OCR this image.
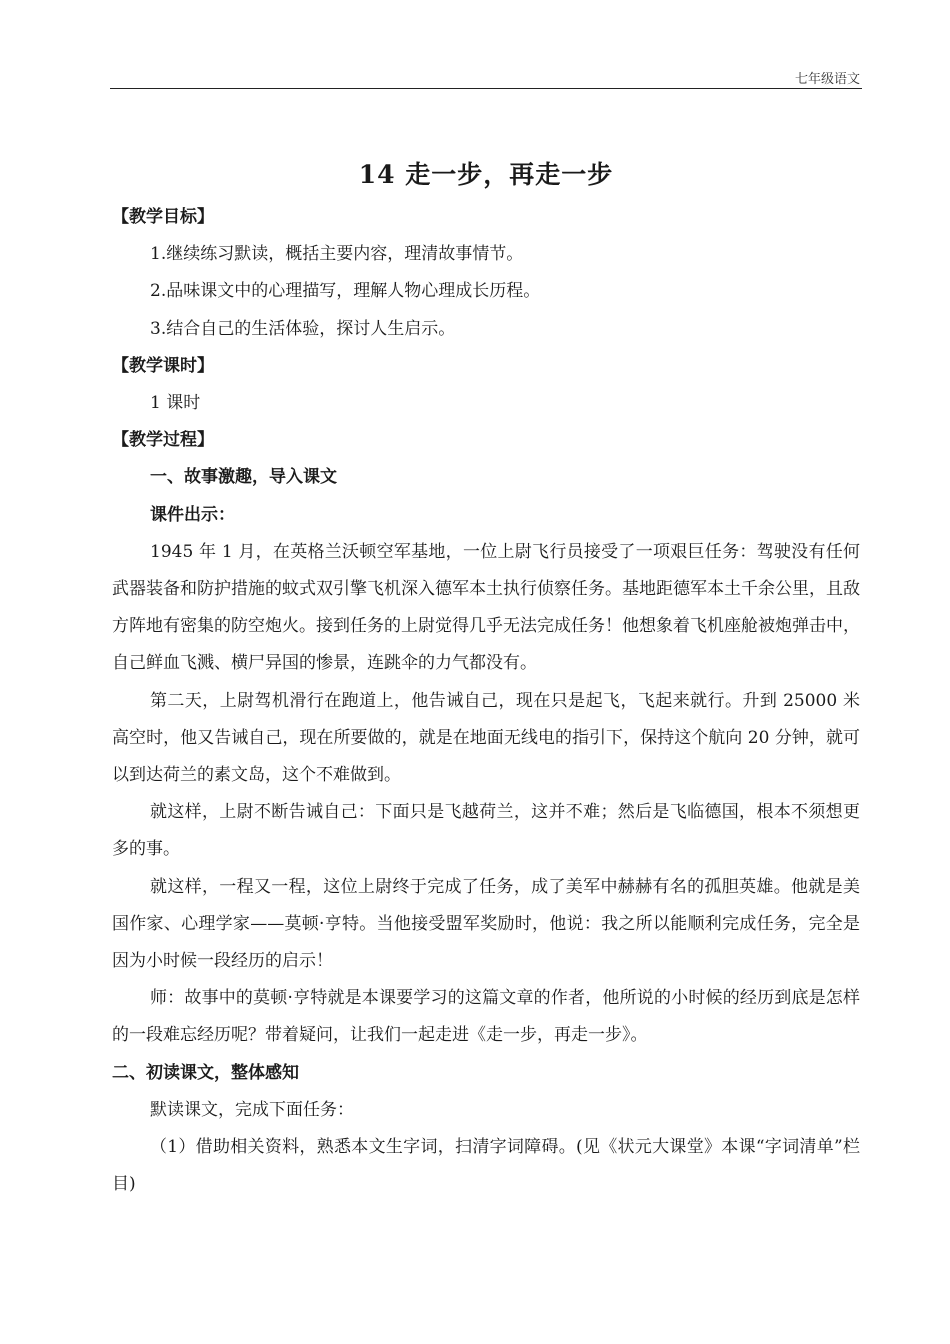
七年级语文
14 走一步，再走一步

【教学目标】

1.继续练习默读，概括主要内容，理清故事情节。

2.品味课文中的心理描写，理解人物心理成长历程。

3.结合自己的生活体验，探讨人生启示。

【教学课时】

1 课时

【教学过程】

一、故事激趣，导入课文

课件出示：

1945 年 1 月，在英格兰沃顿空军基地，一位上尉飞行员接受了一项艰巨任务：驾驶没有任何武器装备和防护措施的蚊式双引擎飞机深入德军本土执行侦察任务。基地距德军本土千余公里，且敌方阵地有密集的防空炮火。接到任务的上尉觉得几乎无法完成任务！他想象着飞机座舱被炮弹击中，自己鲜血飞溅、横尸异国的惨景，连跳伞的力气都没有。

第二天，上尉驾机滑行在跑道上，他告诫自己，现在只是起飞，飞起来就行。升到 25000 米高空时，他又告诫自己，现在所要做的，就是在地面无线电的指引下，保持这个航向 20 分钟，就可以到达荷兰的素文岛，这个不难做到。

就这样，上尉不断告诫自己：下面只是飞越荷兰，这并不难；然后是飞临德国，根本不须想更多的事。

就这样，一程又一程，这位上尉终于完成了任务，成了美军中赫赫有名的孤胆英雄。他就是美国作家、心理学家——莫顿·亨特。当他接受盟军奖励时，他说：我之所以能顺利完成任务，完全是因为小时候一段经历的启示！

师：故事中的莫顿·亨特就是本课要学习的这篇文章的作者，他所说的小时候的经历到底是怎样的一段难忘经历呢？带着疑问，让我们一起走进《走一步，再走一步》。

二、初读课文，整体感知

默读课文，完成下面任务：

（1）借助相关资料，熟悉本文生字词，扫清字词障碍。(见《状元大课堂》本课“字词清单”栏目)
